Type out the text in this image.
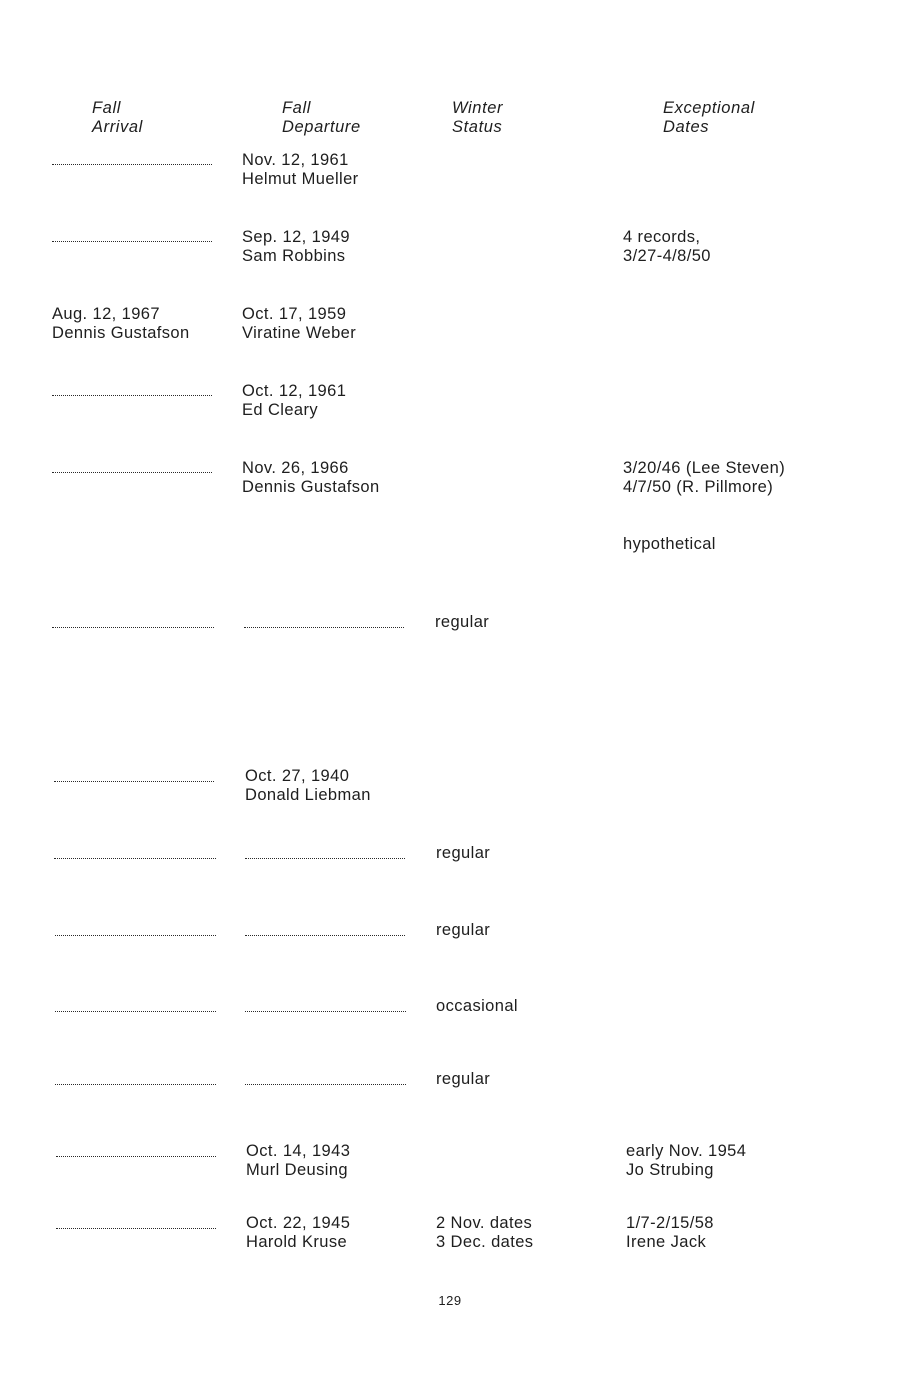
Fall
Arrival
Fall
Departure
Winter
Status
Exceptional
Dates
Nov. 12, 1961
Helmut Mueller
Sep. 12, 1949
Sam Robbins
4 records,
3/27-4/8/50
Aug. 12, 1967
Dennis Gustafson
Oct. 17, 1959
Viratine Weber
Oct. 12, 1961
Ed Cleary
Nov. 26, 1966
Dennis Gustafson
3/20/46 (Lee Steven)
4/7/50 (R. Pillmore)
hypothetical
regular
Oct. 27, 1940
Donald Liebman
regular
regular
occasional
regular
Oct. 14, 1943
Murl Deusing
early Nov. 1954
Jo Strubing
Oct. 22, 1945
Harold Kruse
2 Nov. dates
3 Dec. dates
1/7-2/15/58
Irene Jack
129
